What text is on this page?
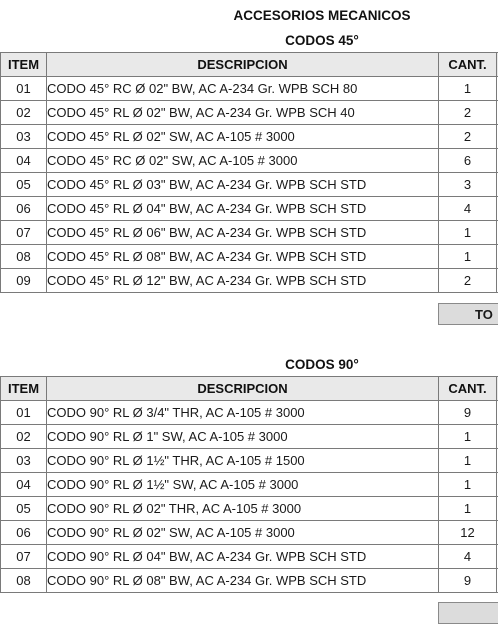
ACCESORIOS MECANICOS
CODOS 45°
ITEM	DESCRIPCION	CANT.	
01	CODO 45° RC Ø 02" BW, AC A-234 Gr. WPB SCH 80	1	
02	CODO 45° RL Ø 02" BW, AC A-234 Gr. WPB SCH 40	2	
03	CODO 45° RL Ø 02" SW, AC A-105 # 3000	2	
04	CODO 45° RC Ø 02" SW, AC A-105 # 3000	6	
05	CODO 45° RL Ø 03" BW, AC A-234 Gr. WPB SCH STD	3	
06	CODO 45° RL Ø 04" BW, AC A-234 Gr. WPB SCH STD	4	
07	CODO 45° RL Ø 06" BW, AC A-234 Gr. WPB SCH STD	1	
08	CODO 45° RL Ø 08" BW, AC A-234 Gr. WPB SCH STD	1	
09	CODO 45° RL Ø 12" BW, AC A-234 Gr. WPB SCH STD	2	
TO
CODOS 90°
ITEM	DESCRIPCION	CANT.	
01	CODO 90° RL Ø 3/4" THR, AC A-105 # 3000	9	
02	CODO 90° RL Ø 1" SW, AC A-105 # 3000	1	
03	CODO 90° RL Ø 1½" THR, AC A-105 # 1500	1	
04	CODO 90° RL Ø 1½" SW, AC A-105 # 3000	1	
05	CODO 90° RL Ø 02" THR, AC A-105 # 3000	1	
06	CODO 90° RL Ø 02" SW, AC A-105 # 3000	12	
07	CODO 90° RL Ø 04" BW, AC A-234 Gr. WPB SCH STD	4	
08	CODO 90° RL Ø 08" BW, AC A-234 Gr. WPB SCH STD	9	
